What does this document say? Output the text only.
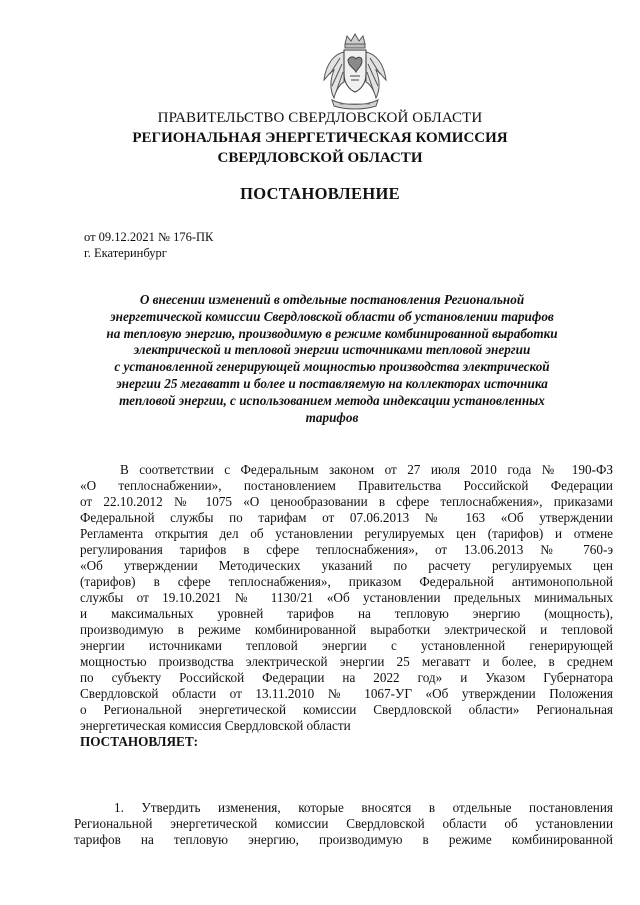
ПРАВИТЕЛЬСТВО СВЕРДЛОВСКОЙ ОБЛАСТИ
РЕГИОНАЛЬНАЯ ЭНЕРГЕТИЧЕСКАЯ КОМИССИЯ
СВЕРДЛОВСКОЙ ОБЛАСТИ
ПОСТАНОВЛЕНИЕ
от 09.12.2021 № 176-ПК
г. Екатеринбург
О внесении изменений в отдельные постановления Региональной
энергетической комиссии Свердловской области об установлении тарифов
на тепловую энергию, производимую в режиме комбинированной выработки
электрической и тепловой энергии источниками тепловой энергии
с установленной генерирующей мощностью производства электрической
энергии 25 мегаватт и более и поставляемую на коллекторах источника
тепловой энергии, с использованием метода индексации установленных
тарифов
В соответствии с Федеральным законом от 27 июля 2010 года № 190-ФЗ
«О теплоснабжении», постановлением Правительства Российской Федерации
от 22.10.2012 № 1075 «О ценообразовании в сфере теплоснабжения», приказами
Федеральной службы по тарифам от 07.06.2013 № 163 «Об утверждении
Регламента открытия дел об установлении регулируемых цен (тарифов) и отмене
регулирования тарифов в сфере теплоснабжения», от 13.06.2013 № 760-э
«Об утверждении Методических указаний по расчету регулируемых цен
(тарифов) в сфере теплоснабжения», приказом Федеральной антимонопольной
службы от 19.10.2021 № 1130/21 «Об установлении предельных минимальных
и максимальных уровней тарифов на тепловую энергию (мощность),
производимую в режиме комбинированной выработки электрической и тепловой
энергии источниками тепловой энергии с установленной генерирующей
мощностью производства электрической энергии 25 мегаватт и более, в среднем
по субъекту Российской Федерации на 2022 год» и Указом Губернатора
Свердловской области от 13.11.2010 № 1067-УГ «Об утверждении Положения
о Региональной энергетической комиссии Свердловской области» Региональная
энергетическая комиссия Свердловской области
ПОСТАНОВЛЯЕТ:
1. Утвердить изменения, которые вносятся в отдельные постановления
Региональной энергетической комиссии Свердловской области об установлении
тарифов на тепловую энергию, производимую в режиме комбинированной
